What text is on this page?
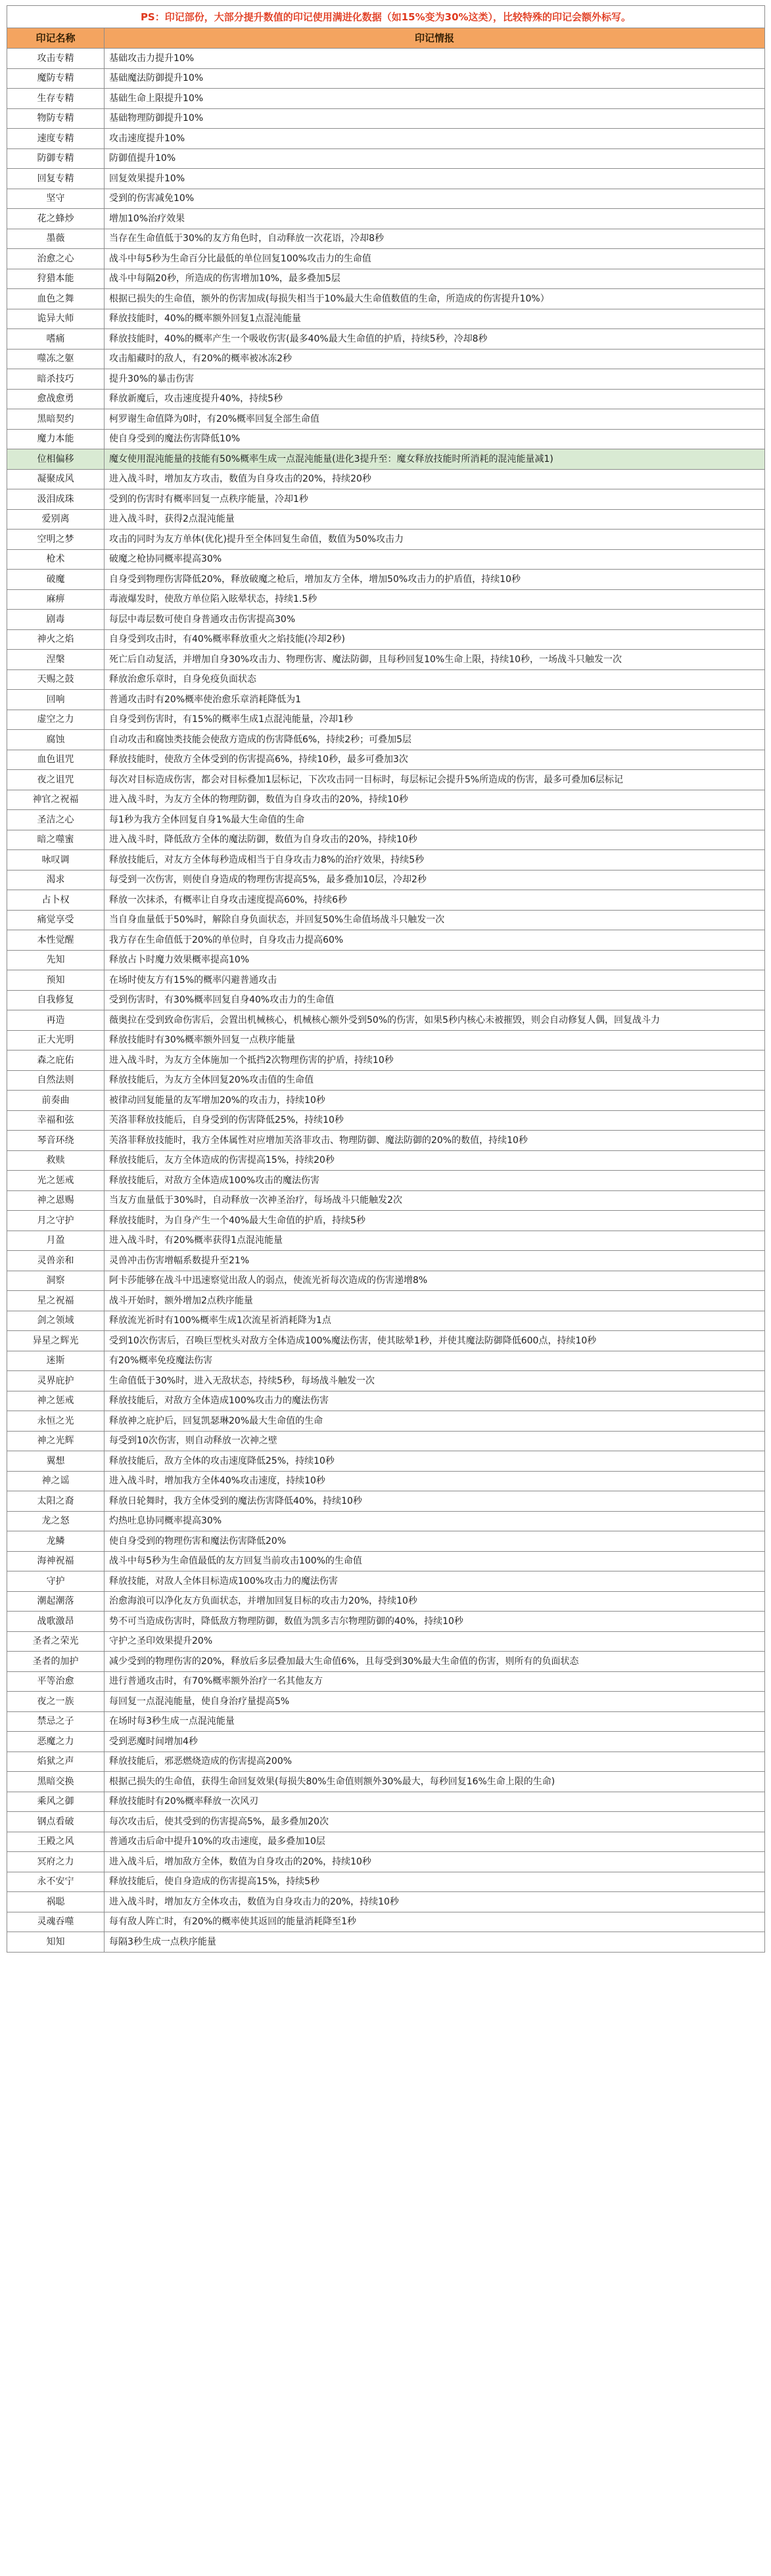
PS：印记部份，大部分提升数值的印记使用满进化数据（如15%变为30%这类），比较特殊的印记会额外标写。
印记名称	印记情报
攻击专精	基础攻击力提升10%
魔防专精	基础魔法防御提升10%
生存专精	基础生命上限提升10%
物防专精	基础物理防御提升10%
速度专精	攻击速度提升10%
防御专精	防御值提升10%
回复专精	回复效果提升10%
坚守	受到的伤害减免10%
花之蜂炒	增加10%治疗效果
墨薇	当存在生命值低于30%的友方角色时，自动释放一次花语，冷却8秒
治愈之心	战斗中每5秒为生命百分比最低的单位回复100%攻击力的生命值
狩猎本能	战斗中每隔20秒，所造成的伤害增加10%，最多叠加5层
血色之舞	根据已损失的生命值，额外的伤害加成(每损失相当于10%最大生命值数值的生命，所造成的伤害提升10%）
诡异大师	释放技能时，40%的概率额外回复1点混沌能量
嗜痛	释放技能时，40%的概率产生一个吸收伤害(最多40%最大生命值的护盾，持续5秒，冷却8秒
噬冻之躯	攻击船藏时的敌人，有20%的概率被冰冻2秒
暗杀技巧	提升30%的暴击伤害
愈战愈勇	释放新魔后，攻击速度提升40%，持续5秒
黑暗契约	柯罗谢生命值降为0时，有20%概率回复全部生命值
魔力本能	使自身受到的魔法伤害降低10%
位相偏移	魔女使用混沌能量的技能有50%概率生成一点混沌能量(进化3提升至：魔女释放技能时所消耗的混沌能量减1)
凝聚成风	进入战斗时，增加友方攻击，数值为自身攻击的20%，持续20秒
汲泪成珠	受到的伤害时有概率回复一点秩序能量，冷却1秒
爱别离	进入战斗时，获得2点混沌能量
空明之梦	攻击的同时为友方单体(优化)提升至全体回复生命值，数值为50%攻击力
枪术	破魔之枪协同概率提高30%
破魔	自身受到物理伤害降低20%，释放破魔之枪后，增加友方全体，增加50%攻击力的护盾值，持续10秒
麻痹	毒液爆发时，使敌方单位陷入眩晕状态，持续1.5秒
剧毒	每层中毒层数可使自身普通攻击伤害提高30%
神火之焰	自身受到攻击时，有40%概率释放重火之焰技能(冷却2秒)
涅槃	死亡后自动复活，并增加自身30%攻击力、物理伤害、魔法防御，且每秒回复10%生命上限，持续10秒，一场战斗只触发一次
天赐之鼓	释放治愈乐章时，自身免疫负面状态
回响	普通攻击时有20%概率使治愈乐章消耗降低为1
虚空之力	自身受到伤害时，有15%的概率生成1点混沌能量，冷却1秒
腐蚀	自动攻击和腐蚀类技能会使敌方造成的伤害降低6%，持续2秒；可叠加5层
血色诅咒	释放技能时，使敌方全体受到的伤害提高6%，持续10秒，最多可叠加3次
夜之诅咒	每次对目标造成伤害，都会对目标叠加1层标记，下次攻击同一目标时，每层标记会提升5%所造成的伤害，最多可叠加6层标记
神官之祝福	进入战斗时，为友方全体的物理防御，数值为自身攻击的20%，持续10秒
圣洁之心	每1秒为我方全体回复自身1%最大生命值的生命
暗之噬蜜	进入战斗时，降低敌方全体的魔法防御，数值为自身攻击的20%，持续10秒
咏叹调	释放技能后，对友方全体每秒造成相当于自身攻击力8%的治疗效果，持续5秒
渴求	每受到一次伤害，则使自身造成的物理伤害提高5%，最多叠加10层，冷却2秒
占卜权	释放一次抹杀，有概率让自身攻击速度提高60%，持续6秒
痛觉享受	当自身血量低于50%时，解除自身负面状态，并回复50%生命值场战斗只触发一次
本性觉醒	我方存在生命值低于20%的单位时，自身攻击力提高60%
先知	释放占卜时魔力效果概率提高10%
预知	在场时使友方有15%的概率闪避普通攻击
自我修复	受到伤害时，有30%概率回复自身40%攻击力的生命值
再造	薇奥拉在受到致命伤害后，会置出机械核心，机械核心额外受到50%的伤害，如果5秒内核心未被摧毁，则会自动修复人偶，回复战斗力
正大光明	释放技能时有30%概率额外回复一点秩序能量
森之庇佑	进入战斗时，为友方全体施加一个抵挡2次物理伤害的护盾，持续10秒
自然法则	释放技能后，为友方全体回复20%攻击值的生命值
前奏曲	被律动回复能量的友军增加20%的攻击力，持续10秒
幸福和弦	芙洛菲释放技能后，自身受到的伤害降低25%，持续10秒
琴音环绕	芙洛菲释放技能时，我方全体属性对应增加芙洛菲攻击、物理防御、魔法防御的20%的数值，持续10秒
救赎	释放技能后，友方全体造成的伤害提高15%，持续20秒
光之惩戒	释放技能后，对敌方全体造成100%攻击的魔法伤害
神之恩赐	当友方血量低于30%时，自动释放一次神圣治疗，每场战斗只能触发2次
月之守护	释放技能时，为自身产生一个40%最大生命值的护盾，持续5秒
月盈	进入战斗时，有20%概率获得1点混沌能量
灵兽亲和	灵兽冲击伤害增幅系数提升至21%
洞察	阿卡莎能够在战斗中迅速察觉出敌人的弱点，使流光祈每次造成的伤害递增8%
星之祝福	战斗开始时，额外增加2点秩序能量
剑之领域	释放流光祈时有100%概率生成1次流星祈消耗降为1点
异星之辉光	受到10次伤害后，召唤巨型枕头对敌方全体造成100%魔法伤害，使其眩晕1秒，并使其魔法防御降低600点，持续10秒
迷斯	有20%概率免疫魔法伤害
灵界庇护	生命值低于30%时，进入无敌状态，持续5秒，每场战斗触发一次
神之惩戒	释放技能后，对敌方全体造成100%攻击力的魔法伤害
永恒之光	释放神之庇护后，回复凯瑟琳20%最大生命值的生命
神之光辉	每受到10次伤害，则自动释放一次神之壁
翼想	释放技能后，敌方全体的攻击速度降低25%，持续10秒
神之谣	进入战斗时，增加我方全体40%攻击速度，持续10秒
太阳之裔	释放日轮舞时，我方全体受到的魔法伤害降低40%，持续10秒
龙之怒	灼热吐息协同概率提高30%
龙鳞	使自身受到的物理伤害和魔法伤害降低20%
海神祝福	战斗中每5秒为生命值最低的友方回复当前攻击100%的生命值
守护	释放技能，对敌人全体目标造成100%攻击力的魔法伤害
潮起潮落	治愈海浪可以净化友方负面状态，并增加回复目标的攻击力20%，持续10秒
战歌激昂	势不可当造成伤害时，降低敌方物理防御，数值为凯多吉尔物理防御的40%，持续10秒
圣者之荣光	守护之圣印效果提升20%
圣者的加护	减少受到的物理伤害的20%，释放后多层叠加最大生命值6%，且每受到30%最大生命值的伤害，则所有的负面状态
平等治愈	进行普通攻击时，有70%概率额外治疗一名其他友方
夜之一族	每回复一点混沌能量，使自身治疗量提高5%
禁忌之子	在场时每3秒生成一点混沌能量
恶魔之力	受到恶魔时间增加4秒
焰狱之声	释放技能后，邪恶燃烧造成的伤害提高200%
黑暗交换	根据己损失的生命值，获得生命回复效果(每损失80%生命值则额外30%最大，每秒回复16%生命上限的生命)
乘风之御	释放技能时有20%概率释放一次风刃
钢点看破	每次攻击后，使其受到的伤害提高5%，最多叠加20次
王殿之风	普通攻击后命中提升10%的攻击速度，最多叠加10层
冥府之力	进入战斗后，增加敌方全体，数值为自身攻击的20%，持续10秒
永不安宁	释放技能后，使自身造成的伤害提高15%，持续5秒
祸聪	进入战斗时，增加友方全体攻击，数值为自身攻击力的20%，持续10秒
灵魂吞噬	每有敌人阵亡时，有20%的概率使其返回的能量消耗降至1秒
知知	每隔3秒生成一点秩序能量
